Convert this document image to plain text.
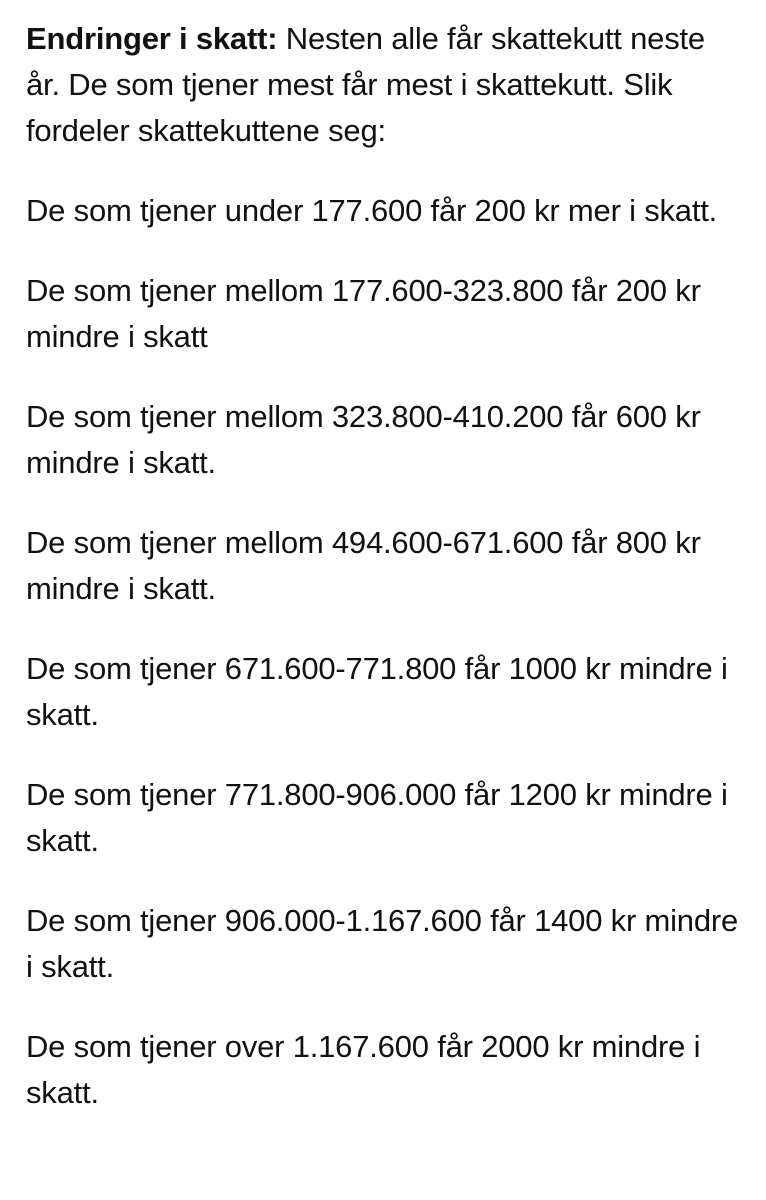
Endringer i skatt: Nesten alle får skattekutt neste år. De som tjener mest får mest i skattekutt. Slik fordeler skattekuttene seg:

De som tjener under 177.600 får 200 kr mer i skatt.

De som tjener mellom 177.600-323.800 får 200 kr mindre i skatt

De som tjener mellom 323.800-410.200 får 600 kr mindre i skatt.

De som tjener mellom 494.600-671.600 får 800 kr mindre i skatt.

De som tjener 671.600-771.800 får 1000 kr mindre i skatt.

De som tjener 771.800-906.000 får 1200 kr mindre i skatt.

De som tjener 906.000-1.167.600 får 1400 kr mindre i skatt.

De som tjener over 1.167.600 får 2000 kr mindre i skatt.
